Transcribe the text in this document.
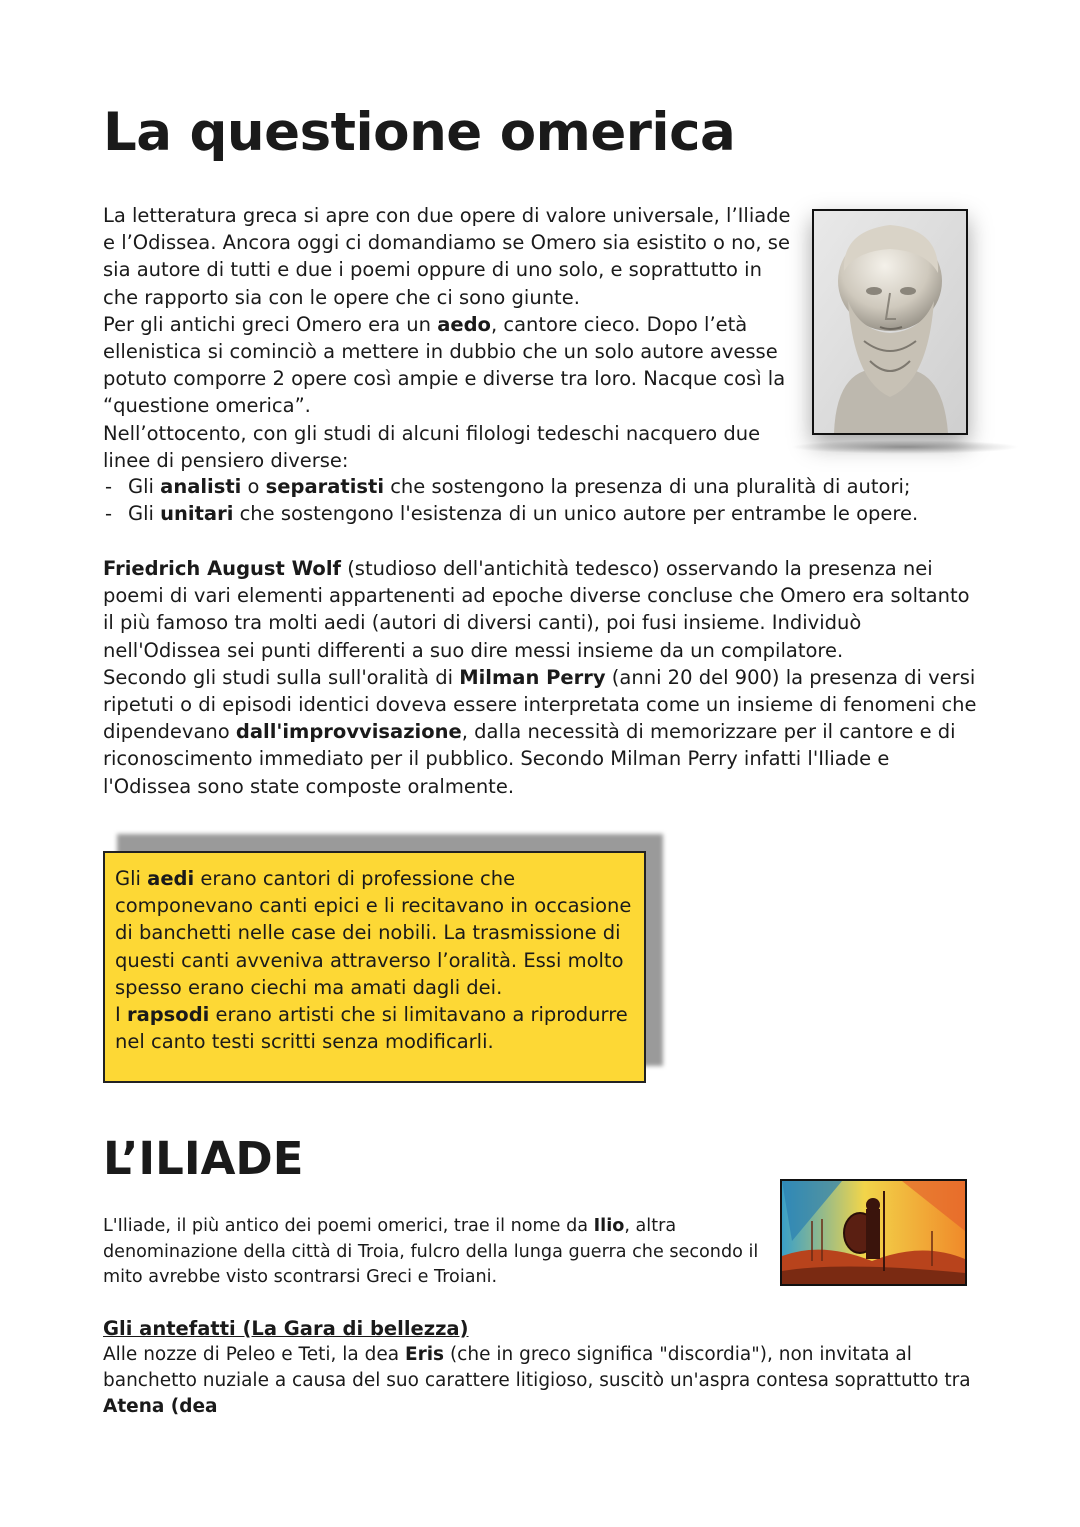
La questione omerica

La letteratura greca si apre con due opere di valore universale, l’Iliade e l’Odissea. Ancora oggi ci domandiamo se Omero sia esistito o no, se sia autore di tutti e due i poemi oppure di uno solo, e soprattutto in che rapporto sia con le opere che ci sono giunte.
Per gli antichi greci Omero era un aedo, cantore cieco. Dopo l’età ellenistica si cominciò a mettere in dubbio che un solo autore avesse potuto comporre 2 opere così ampie e diverse tra loro. Nacque così la “questione omerica”.
Nell’ottocento, con gli studi di alcuni filologi tedeschi nacquero due linee di pensiero diverse:

- Gli analisti o separatisti che sostengono la presenza di una pluralità di autori;
- Gli unitari che sostengono l'esistenza di un unico autore per entrambe le opere.

Friedrich August Wolf (studioso dell'antichità tedesco) osservando la presenza nei poemi di vari elementi appartenenti ad epoche diverse concluse che Omero era soltanto il più famoso tra molti aedi (autori di diversi canti), poi fusi insieme. Individuò nell'Odissea sei punti differenti a suo dire messi insieme da un compilatore.
Secondo gli studi sulla sull'oralità di Milman Perry (anni 20 del 900) la presenza di versi ripetuti o di episodi identici doveva essere interpretata come un insieme di fenomeni che dipendevano dall'improvvisazione, dalla necessità di memorizzare per il cantore e di riconoscimento immediato per il pubblico. Secondo Milman Perry infatti l'Iliade e l'Odissea sono state composte oralmente.

Gli aedi erano cantori di professione che componevano canti epici e li recitavano in occasione di banchetti nelle case dei nobili. La trasmissione di questi canti avveniva attraverso l’oralità. Essi molto spesso erano ciechi ma amati dagli dei.
I rapsodi erano artisti che si limitavano a riprodurre nel canto testi scritti senza modificarli.

L’ILIADE

L'Iliade, il più antico dei poemi omerici, trae il nome da Ilio, altra denominazione della città di Troia, fulcro della lunga guerra che secondo il mito avrebbe visto scontrarsi Greci e Troiani.

Gli antefatti (La Gara di bellezza)

Alle nozze di Peleo e Teti, la dea Eris (che in greco significa "discordia"), non invitata al banchetto nuziale a causa del suo carattere litigioso, suscitò un'aspra contesa soprattutto tra Atena (dea
